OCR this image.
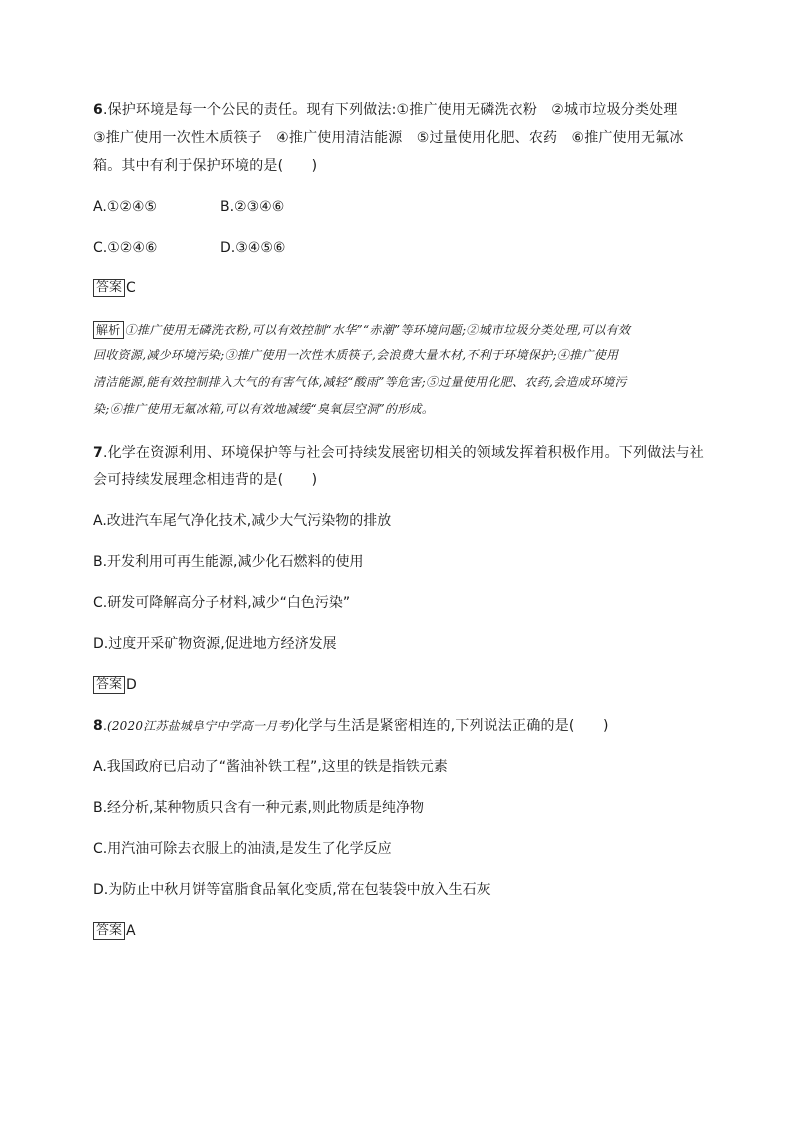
6.保护环境是每一个公民的责任。现有下列做法:①推广使用无磷洗衣粉　②城市垃圾分类处理
③推广使用一次性木质筷子　④推广使用清洁能源　⑤过量使用化肥、农药　⑥推广使用无氟冰
箱。其中有利于保护环境的是(　　)
A.①②④⑤	B.②③④⑥
C.①②④⑥	D.③④⑤⑥
答案 C
解析 ①推广使用无磷洗衣粉,可以有效控制“水华”“赤潮”等环境问题;②城市垃圾分类处理,可以有效
回收资源,减少环境污染;③推广使用一次性木质筷子,会浪费大量木材,不利于环境保护;④推广使用
清洁能源,能有效控制排入大气的有害气体,减轻“酸雨”等危害;⑤过量使用化肥、农药,会造成环境污
染;⑥推广使用无氟冰箱,可以有效地减缓“臭氧层空洞”的形成。
7.化学在资源利用、环境保护等与社会可持续发展密切相关的领域发挥着积极作用。下列做法与社
会可持续发展理念相违背的是(　　)
A.改进汽车尾气净化技术,减少大气污染物的排放
B.开发利用可再生能源,减少化石燃料的使用
C.研发可降解高分子材料,减少“白色污染”
D.过度开采矿物资源,促进地方经济发展
答案 D
8.(2020江苏盐城阜宁中学高一月考)化学与生活是紧密相连的,下列说法正确的是(　　)
A.我国政府已启动了“酱油补铁工程”,这里的铁是指铁元素
B.经分析,某种物质只含有一种元素,则此物质是纯净物
C.用汽油可除去衣服上的油渍,是发生了化学反应
D.为防止中秋月饼等富脂食品氧化变质,常在包装袋中放入生石灰
答案 A
